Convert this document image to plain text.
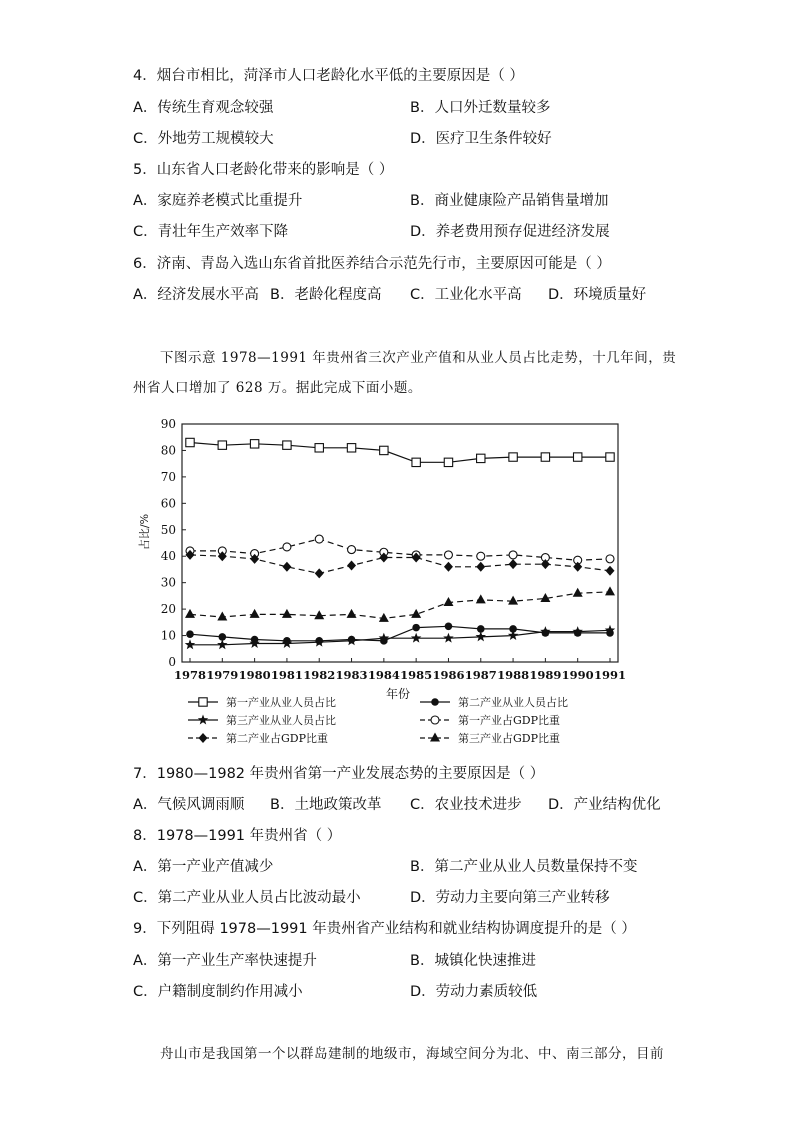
4．烟台市相比，菏泽市人口老龄化水平低的主要原因是（ ）
A．传统生育观念较强	B．人口外迁数量较多
C．外地劳工规模较大	D．医疗卫生条件较好
5．山东省人口老龄化带来的影响是（ ）
A．家庭养老模式比重提升	B．商业健康险产品销售量增加
C．青壮年生产效率下降	D．养老费用预存促进经济发展
6．济南、青岛入选山东省首批医养结合示范先行市，主要原因可能是（ ）
A．经济发展水平高 B．老龄化程度高 C．工业化水平高 D．环境质量好
下图示意 1978—1991 年贵州省三次产业产值和从业人员占比走势，十几年间，贵
州省人口增加了 628 万。据此完成下面小题。
0
10
20
30
40
50
60
70
80
90
1978 1979 1980 1981 1982 1983 1984 1985 1986 1987 1988 1989 1990 1991
占比/%
年份
第一产业从业人员占比	第二产业从业人员占比
第三产业从业人员占比	第一产业占GDP比重
第二产业占GDP比重	第三产业占GDP比重
7．1980—1982 年贵州省第一产业发展态势的主要原因是（ ）
A．气候风调雨顺 B．土地政策改革 C．农业技术进步 D．产业结构优化
8．1978—1991 年贵州省（ ）
A．第一产业产值减少	B．第二产业从业人员数量保持不变
C．第二产业从业人员占比波动最小	D．劳动力主要向第三产业转移
9．下列阻碍 1978—1991 年贵州省产业结构和就业结构协调度提升的是（ ）
A．第一产业生产率快速提升	B．城镇化快速推进
C．户籍制度制约作用减小	D．劳动力素质较低
舟山市是我国第一个以群岛建制的地级市，海域空间分为北、中、南三部分，目前
